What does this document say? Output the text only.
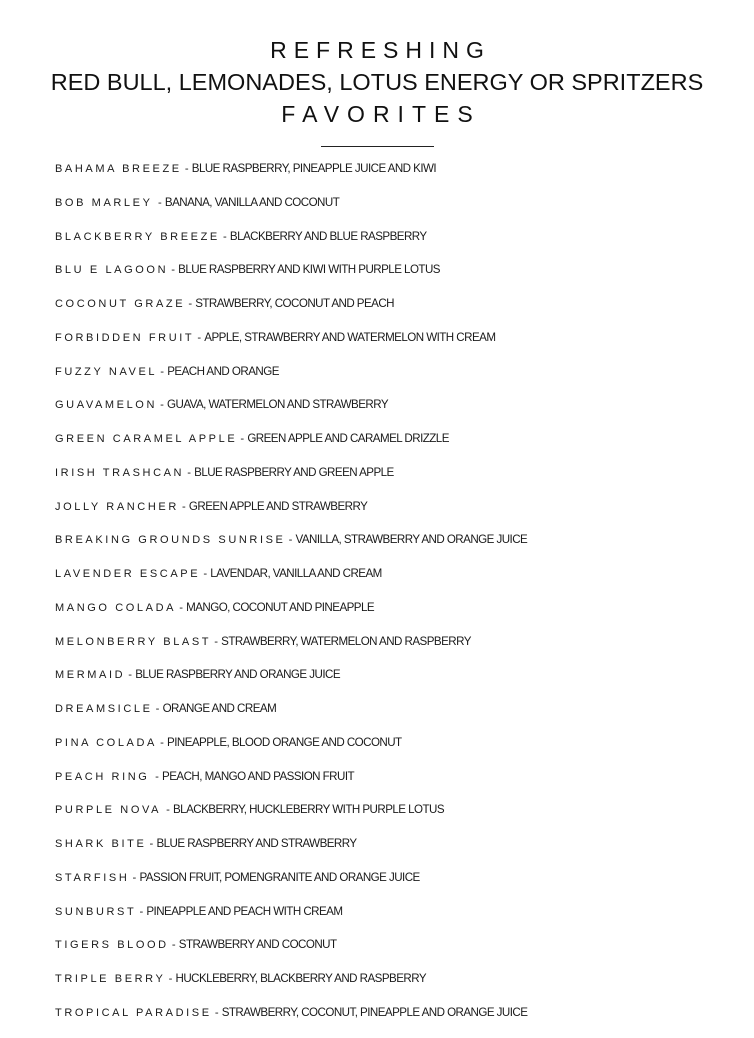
REFRESHING
RED BULL, LEMONADES, LOTUS ENERGY OR SPRITZERS
FAVORITES
BAHAMA BREEZE - BLUE RASPBERRY, PINEAPPLE JUICE AND KIWI
BOB MARLEY - BANANA, VANILLA AND COCONUT
BLACKBERRY BREEZE - BLACKBERRY AND BLUE RASPBERRY
BLU E LAGOON - BLUE RASPBERRY AND KIWI WITH PURPLE LOTUS
COCONUT GRAZE - STRAWBERRY, COCONUT AND PEACH
FORBIDDEN FRUIT - APPLE, STRAWBERRY AND WATERMELON WITH CREAM
FUZZY NAVEL - PEACH AND ORANGE
GUAVAMELON - GUAVA, WATERMELON AND STRAWBERRY
GREEN CARAMEL APPLE - GREEN APPLE AND CARAMEL DRIZZLE
IRISH TRASHCAN - BLUE RASPBERRY AND GREEN APPLE
JOLLY RANCHER - GREEN APPLE AND STRAWBERRY
BREAKING GROUNDS SUNRISE - VANILLA, STRAWBERRY AND ORANGE JUICE
LAVENDER ESCAPE - LAVENDAR, VANILLA AND CREAM
MANGO COLADA - MANGO, COCONUT AND PINEAPPLE
MELONBERRY BLAST - STRAWBERRY, WATERMELON AND RASPBERRY
MERMAID - BLUE RASPBERRY AND ORANGE JUICE
DREAMSICLE - ORANGE AND CREAM
PINA COLADA - PINEAPPLE, BLOOD ORANGE AND COCONUT
PEACH RING - PEACH, MANGO AND PASSION FRUIT
PURPLE NOVA - BLACKBERRY, HUCKLEBERRY WITH PURPLE LOTUS
SHARK BITE - BLUE RASPBERRY AND STRAWBERRY
STARFISH - PASSION FRUIT, POMENGRANITE AND ORANGE JUICE
SUNBURST - PINEAPPLE AND PEACH WITH CREAM
TIGERS BLOOD - STRAWBERRY AND COCONUT
TRIPLE BERRY - HUCKLEBERRY, BLACKBERRY AND RASPBERRY
TROPICAL PARADISE - STRAWBERRY, COCONUT, PINEAPPLE AND ORANGE JUICE
